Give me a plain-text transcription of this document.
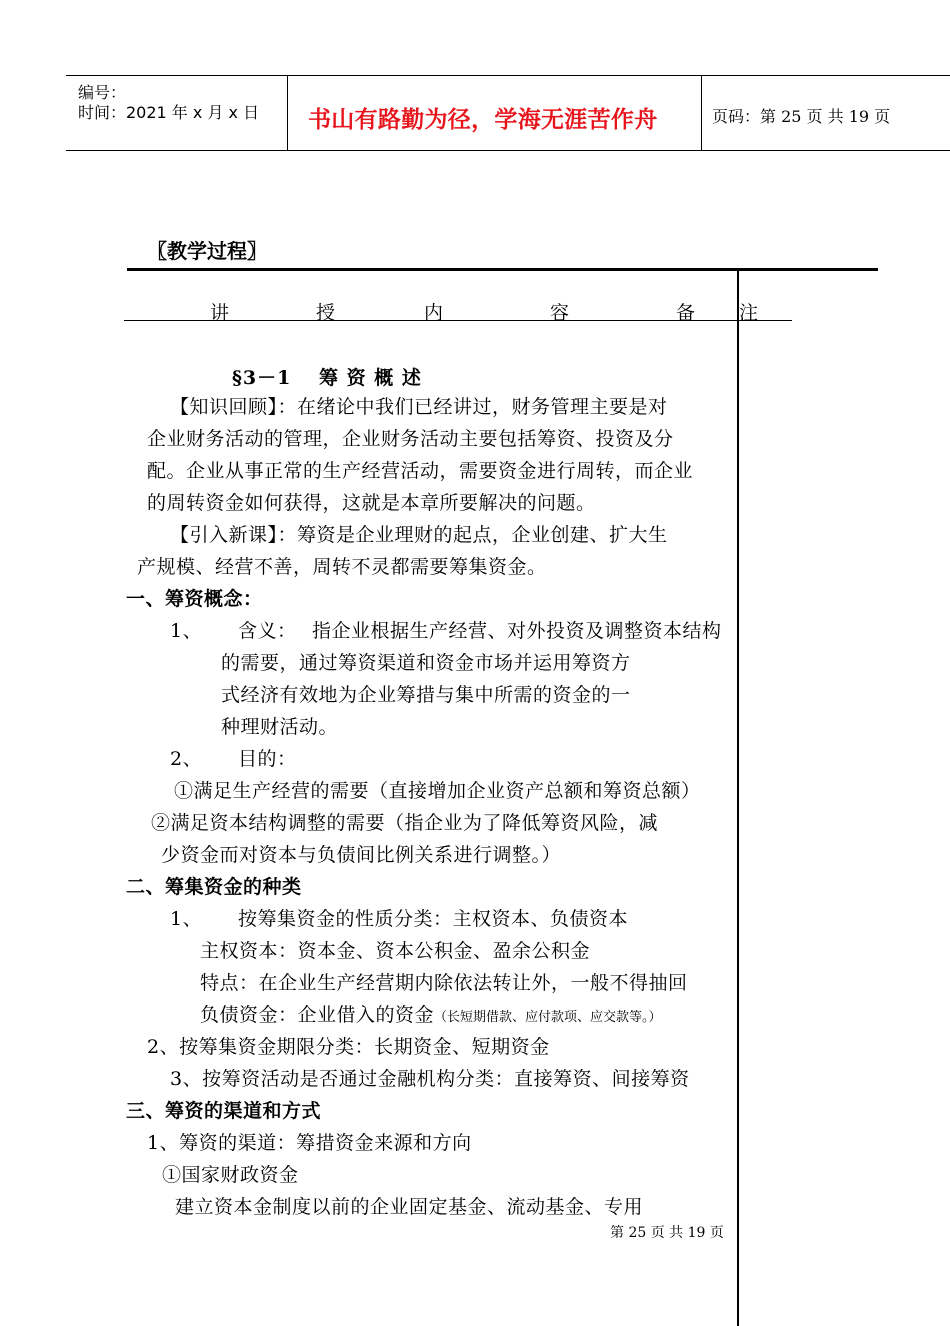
编号：
时间：2021 年 x 月 x 日 书山有路勤为径，学海无涯苦作舟	页码：第 25 页 共 19 页
〖教学过程〗
讲	授	内	容	备 注
§3－1　 筹 资 概 述
【知识回顾】：在绪论中我们已经讲过，财务管理主要是对
企业财务活动的管理，企业财务活动主要包括筹资、投资及分
配。企业从事正常的生产经营活动，需要资金进行周转，而企业
的周转资金如何获得，这就是本章所要解决的问题。
【引入新课】：筹资是企业理财的起点，企业创建、扩大生
产规模、经营不善，周转不灵都需要筹集资金。
一、筹资概念：
1、 含义： 指企业根据生产经营、对外投资及调整资本结构
的需要，通过筹资渠道和资金市场并运用筹资方
式经济有效地为企业筹措与集中所需的资金的一
种理财活动。
2、 目的：
①满足生产经营的需要（直接增加企业资产总额和筹资总额）
②满足资本结构调整的需要（指企业为了降低筹资风险，减
少资金而对资本与负债间比例关系进行调整。）
二、筹集资金的种类
1、 按筹集资金的性质分类：主权资本、负债资本
主权资本：资本金、资本公积金、盈余公积金
特点：在企业生产经营期内除依法转让外，一般不得抽回
负债资金：企业借入的资金（长短期借款、应付款项、应交款等。）
2、按筹集资金期限分类：长期资金、短期资金
3、按筹资活动是否通过金融机构分类：直接筹资、间接筹资
三、筹资的渠道和方式
1、筹资的渠道：筹措资金来源和方向
①国家财政资金
建立资本金制度以前的企业固定基金、流动基金、专用
第 25 页 共 19 页
